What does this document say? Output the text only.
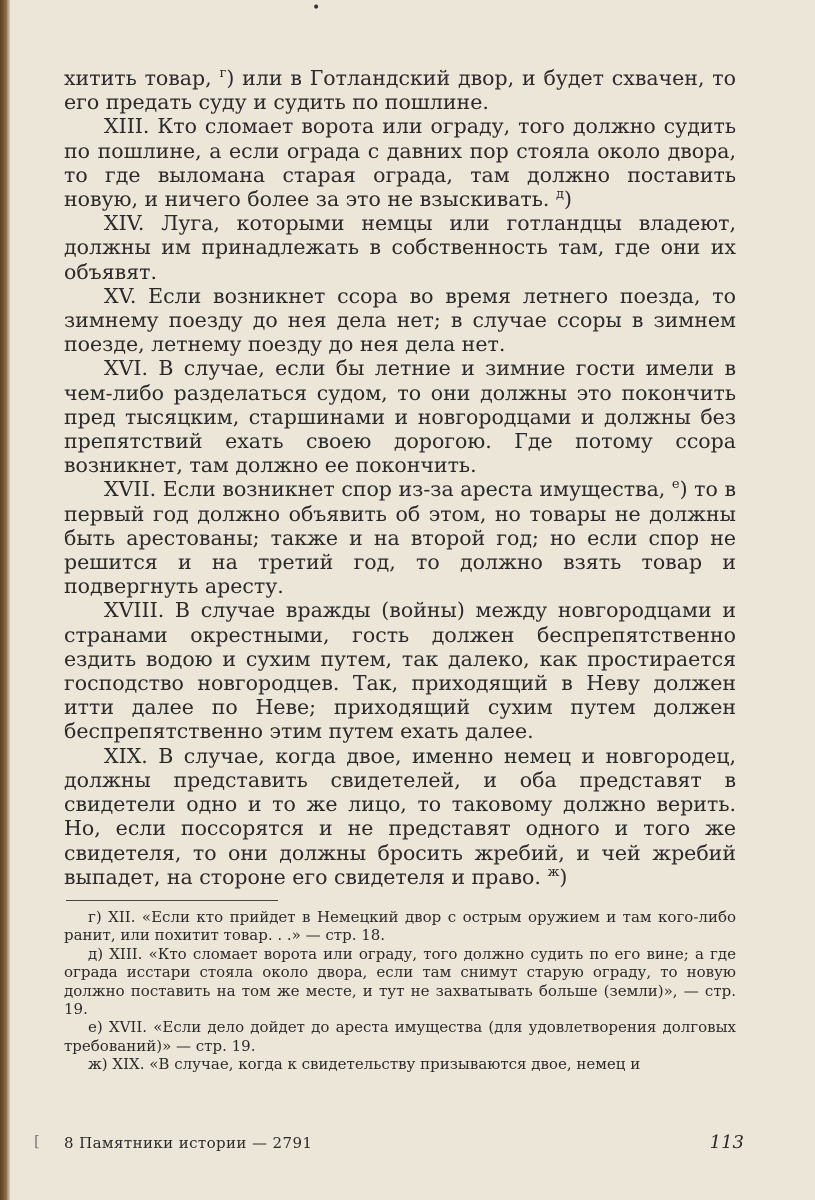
•

хитить товар, $^г$) или в Готландский двор, и будет схвачен, то его предать суду и судить по пошлине.

XIII. Кто сломает ворота или ограду, того должно судить по пошлине, а если ограда с давних пор стояла около двора, то где выломана старая ограда, там должно поставить новую, и ничего более за это не взыскивать. $^д$)

XIV. Луга, которыми немцы или готландцы владеют, должны им принадлежать в собственность там, где они их объявят.

XV. Если возникнет ссора во время летнего поезда, то зимнему поезду до нея дела нет; в случае ссоры в зимнем поезде, летнему поезду до нея дела нет.

XVI. В случае, если бы летние и зимние гости имели в чем-либо разделаться судом, то они должны это покончить пред тысяцким, старшинами и новгородцами и должны без препятствий ехать своею дорогою. Где потому ссора возникнет, там должно ее покончить.

XVII. Если возникнет спор из-за ареста имущества, $^е$) то в первый год должно объявить об этом, но товары не должны быть арестованы; также и на второй год; но если спор не решится и на третий год, то должно взять товар и подвергнуть аресту.

XVIII. В случае вражды (войны) между новгородцами и странами окрестными, гость должен беспрепятственно ездить водою и сухим путем, так далеко, как простирается господство новгородцев. Так, приходящий в Неву должен итти далее по Неве; приходящий сухим путем должен беспрепятственно этим путем ехать далее.

XIX. В случае, когда двое, именно немец и новгородец, должны представить свидетелей, и оба представят в свидетели одно и то же лицо, то таковому должно верить. Но, если поссорятся и не представят одного и того же свидетеля, то они должны бросить жребий, и чей жребий выпадет, на стороне его свидетеля и право. $^ж$)

г) XII. «Если кто прийдет в Немецкий двор с острым оружием и там кого-либо ранит, или похитит товар. . .» — стр. 18.

д) XIII. «Кто сломает ворота или ограду, того должно судить по его вине; а где ограда исстари стояла около двора, если там снимут старую ограду, то новую должно поставить на том же месте, и тут не захватывать больше (земли)», — стр. 19.

е) XVII. «Если дело дойдет до ареста имущества (для удовлетворения долговых требований)» — стр. 19.

ж) XIX. «В случае, когда к свидетельству призываются двое, немец и

[ 8 Памятники истории — 2791	113
